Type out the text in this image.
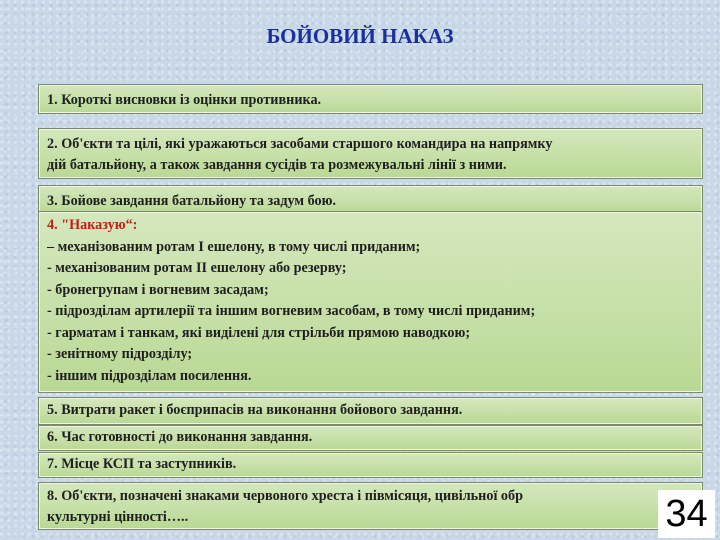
БОЙОВИЙ НАКАЗ
1. Короткі висновки із оцінки противника.
2. Об'єкти та цілі, які уражаються засобами старшого командира на напрямку
дій батальйону, а також завдання сусідів та розмежувальні лінії з ними.
3. Бойове завдання батальйону та задум бою.
4. "Наказую“:
– механізованим ротам І ешелону, в тому числі приданим;
- механізованим ротам ІІ ешелону або резерву;
- бронегрупам і вогневим засадам;
- підрозділам артилерії та іншим вогневим засобам, в тому числі приданим;
- гарматам і танкам, які виділені для стрільби прямою наводкою;
- зенітному підрозділу;
- іншим підрозділам посилення.
5. Витрати ракет і боєприпасів на виконання бойового завдання.
6. Час готовності до виконання завдання.
7. Місце КСП та заступників.
8. Об'єкти, позначені знаками червоного хреста і півмісяця, цивільної обр
культурні цінності…..	34
